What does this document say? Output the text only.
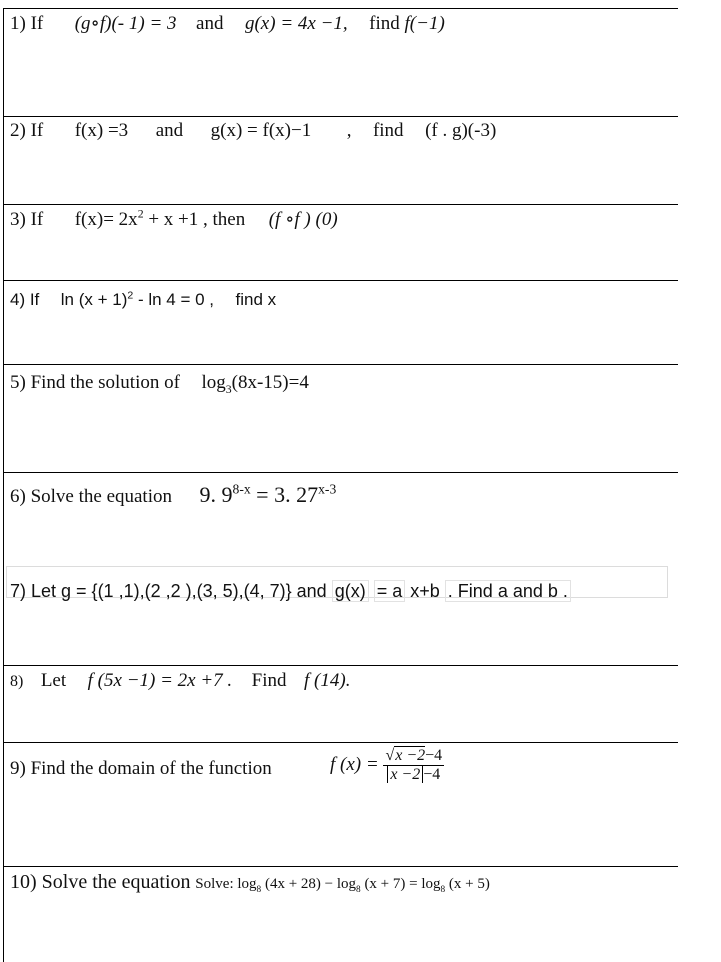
1) If (g∘f)(- 1) = 3 and g(x) = 4x −1, find f(−1)
2) If f(x) =3 and g(x) = f(x)−1 , find (f . g)(-3)
3) If $f(x)= 2x^2 + x +1$ , then (f ∘f ) (0)
4) If $\ln (x + 1)^2 - \ln 4 = 0$ , find x
5) Find the solution of $\log_3(8x-15)=4$
6) Solve the equation 9. $9^{8-x} = 3$. 27$^{x-3}$
7) Let g = {(1 ,1),(2 ,2 ),(3, 5),(4, 7)} and g(x) = a x+b . Find a and b .
8) Let f (5x −1) = 2x +7 . Find f (14).
9) Find the domain of the function	f $(x) = \frac{√x -2-4}{x -2 -4}$
10) Solve the equation Solve: $\log_8 (4x + 28) - \log_8 (x + 7) = \log_8 (x + 5)$
